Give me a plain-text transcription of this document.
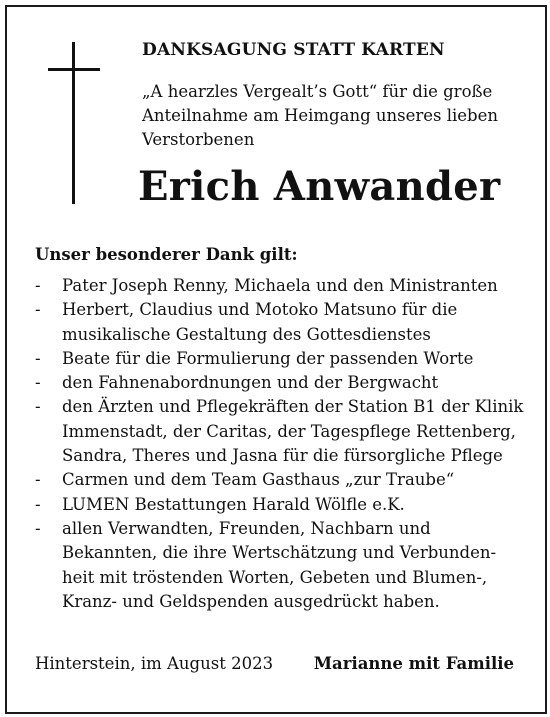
DANKSAGUNG STATT KARTEN
„A hearzles Vergealt’s Gott“ für die große
Anteilnahme am Heimgang unseres lieben
Verstorbenen
Erich Anwander
Unser besonderer Dank gilt:
- Pater Joseph Renny, Michaela und den Ministranten
- Herbert, Claudius und Motoko Matsuno für die
musikalische Gestaltung des Gottesdienstes
- Beate für die Formulierung der passenden Worte
- den Fahnenabordnungen und der Bergwacht
- den Ärzten und Pflegekräften der Station B1 der Klinik
Immenstadt, der Caritas, der Tagespflege Rettenberg,
Sandra, Theres und Jasna für die fürsorgliche Pflege
- Carmen und dem Team Gasthaus „zur Traube“
- LUMEN Bestattungen Harald Wölfle e.K.
- allen Verwandten, Freunden, Nachbarn und
Bekannten, die ihre Wertschätzung und Verbunden-
heit mit tröstenden Worten, Gebeten und Blumen-,
Kranz- und Geldspenden ausgedrückt haben.
Hinterstein, im August 2023 Marianne mit Familie
